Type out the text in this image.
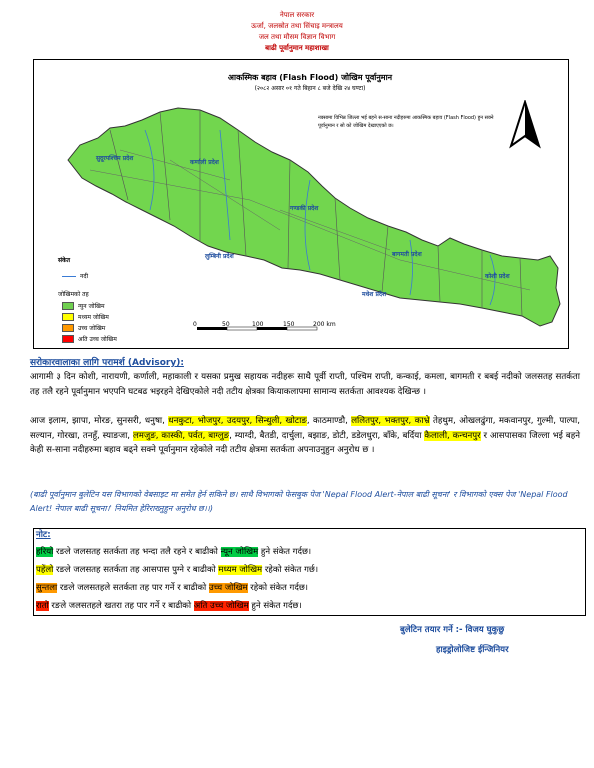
नेपाल सरकार
ऊर्जा, जलस्रोत तथा सिंचाइ मन्त्रालय
जल तथा मौसम विज्ञान विभाग
बाढी पूर्वानुमान महाशाखा
आकस्मिक बहाव (Flash Flood) जोखिम पूर्वानुमान
(२०८२ असार ०१ गते बिहान ८ बजे देखि २४ घण्टा)
नक्सामा विभिन्न जिल्ला भई बहने स-साना नदीहरुमा आकस्मिक बहाव (Flash Flood) हुन सक्ने पूर्वानुमान र सो को जोखिम देखाएएको छ।
सुदूरपश्चिम प्रदेश
कर्णाली प्रदेश
लुम्बिनी प्रदेश
गण्डकी प्रदेश
बागमती प्रदेश
मधेश प्रदेश
कोशी प्रदेश
संकेत
नदी
जोखिमको तह
न्युन जोखिम
मध्यम जोखिम
उच्च जोखिम
अति उच्च जोखिम
0	50	100	150	200 km
सरोकारवालाका लागि परामर्श (Advisory):
आगामी ३ दिन कोशी, नारायणी, कर्णाली, महाकाली र यसका प्रमुख सहायक नदीहरू साथै पूर्वी राप्ती, पश्चिम राप्ती, कन्काई, कमला, बागमती र बबई नदीको जलसतह सतर्कता तह तलै रहने पूर्वानुमान भएपनि घटबढ भइरहने देखिएकोले नदी तटीय क्षेत्रका कियाकलापमा सामान्य सतर्कता आवश्यक देखिन्छ ।
आज इलाम, झापा, मोरङ, सुनसरी, धनुषा, धनकुटा, भोजपुर, उदयपुर, सिन्धुली, खोटाङ, काठमाण्डौ, ललितपुर, भक्तपुर, काभ्रे तेहथुम, ओखलढुंगा, मकवानपुर, गुल्मी, पाल्पा, सल्यान, गोरखा, तनहुँ, स्याङजा, लमजुङ, कास्की, पर्वत, बाग्लुङ, म्याग्दी, बैतडी, दार्चुला, बझाङ, डोटी, डडेलधुरा, बाँके, बर्दिया कैलाली, कन्चनपुर र आसपासका जिल्ला भई बहने केही स-साना नदीहरुमा बहाव बढ्ने सक्ने पूर्वानुमान रहेकोले नदी तटीय क्षेत्रमा सतर्कता अपनाउनुहुन अनुरोध छ ।
(बाढी पूर्वानुमान बुलेटिन यस विभागको वेबसाइट मा समेत हेर्न सकिने छ। साथै विभागको फेसबुक पेज 'Nepal Flood Alert-नेपाल बाढी सूचना' र विभागको एक्स पेज 'Nepal Flood Alert! नेपाल बाढी सूचना।' नियमित हेरिराख्नुहुन अनुरोध छ।।)
नोट:
हरियो रङले जलसतह सतर्कता तह भन्दा तलै रहने र बाढीको न्यून जोखिम हुने संकेत गर्दछ।
पहेंलो रङले जलसतह सतर्कता तह आसपास पुग्ने र बाढीको मध्यम जोखिम रहेको संकेत गर्छ।
सुन्तला रङले जलसतहले सतर्कता तह पार गर्ने र बाढीको उच्च जोखिम रहेको संकेत गर्दछ।
रातो रङले जलसतहले खतरा तह पार गर्ने र बाढीको अति उच्च जोखिम हुने संकेत गर्दछ।
बुलेटिन तयार गर्ने :- विजय घुकुछु
हाइड्रोलोजिष्ट ईन्जिनियर
